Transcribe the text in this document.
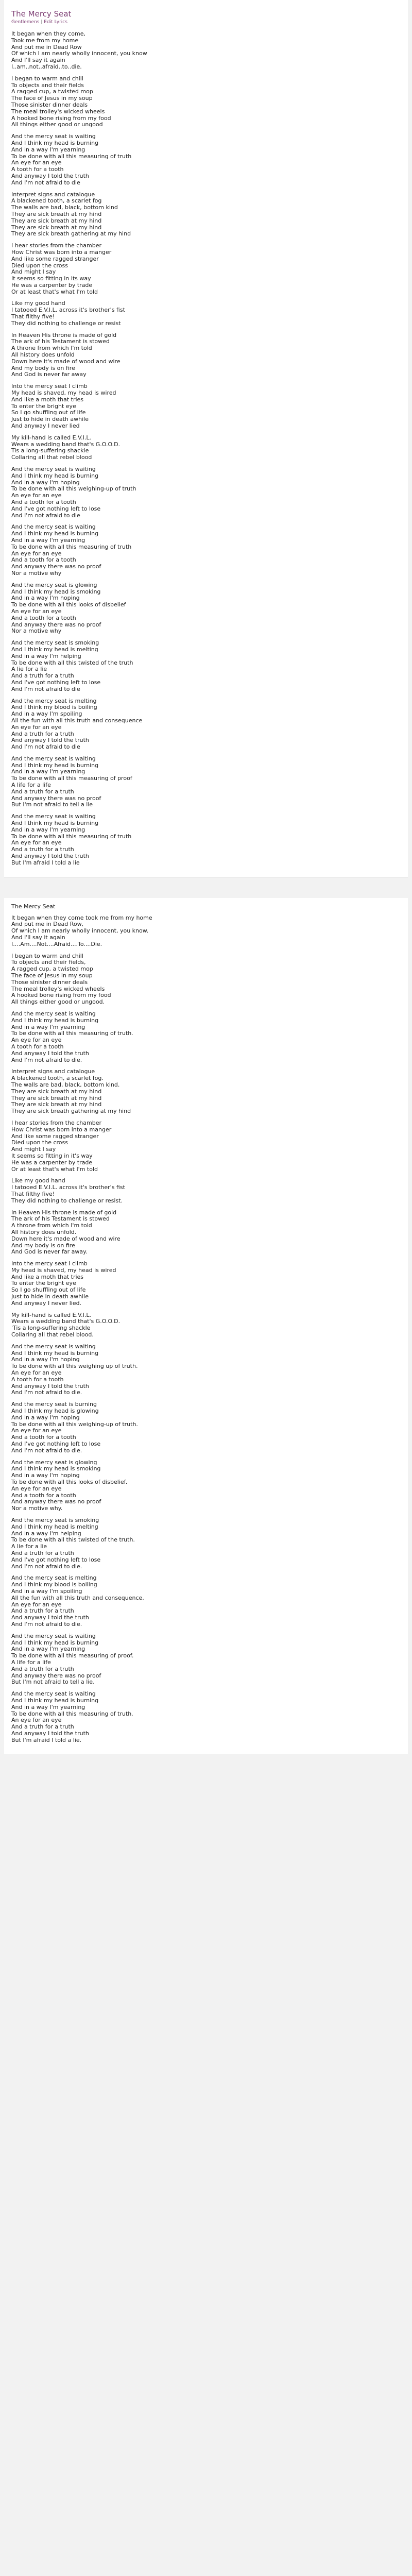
The Mercy Seat
Gentlemens | Edit Lyrics
It began when they come,
Took me from my home
And put me in Dead Row
Of which I am nearly wholly innocent, you know
And I'll say it again
I..am..not..afraid..to..die.
I began to warm and chill
To objects and their fields
A ragged cup, a twisted mop
The face of Jesus in my soup
Those sinister dinner deals
The meal trolley's wicked wheels
A hooked bone rising from my food
All things either good or ungood
And the mercy seat is waiting
And I think my head is burning
And in a way I'm yearning
To be done with all this measuring of truth
An eye for an eye
A tooth for a tooth
And anyway I told the truth
And I'm not afraid to die
Interpret signs and catalogue
A blackened tooth, a scarlet fog
The walls are bad, black, bottom kind
They are sick breath at my hind
They are sick breath at my hind
They are sick breath at my hind
They are sick breath gathering at my hind
I hear stories from the chamber
How Christ was born into a manger
And like some ragged stranger
Died upon the cross
And might I say
It seems so fitting in its way
He was a carpenter by trade
Or at least that's what I'm told
Like my good hand
I tatooed E.V.I.L. across it's brother's fist
That filthy five!
They did nothing to challenge or resist
In Heaven His throne is made of gold
The ark of his Testament is stowed
A throne from which I'm told
All history does unfold
Down here it's made of wood and wire
And my body is on fire
And God is never far away
Into the mercy seat I climb
My head is shaved, my head is wired
And like a moth that tries
To enter the bright eye
So I go shuffling out of life
Just to hide in death awhile
And anyway I never lied
My kill-hand is called E.V.I.L.
Wears a wedding band that's G.O.O.D.
Tis a long-suffering shackle
Collaring all that rebel blood
And the mercy seat is waiting
And I think my head is burning
And in a way I'm hoping
To be done with all this weighing-up of truth
An eye for an eye
And a tooth for a tooth
And I've got nothing left to lose
And I'm not afraid to die
And the mercy seat is waiting
And I think my head is burning
And in a way I'm yearning
To be done with all this measuring of truth
An eye for an eye
And a tooth for a tooth
And anyway there was no proof
Nor a motive why
And the mercy seat is glowing
And I think my head is smoking
And in a way I'm hoping
To be done with all this looks of disbelief
An eye for an eye
And a tooth for a tooth
And anyway there was no proof
Nor a motive why
And the mercy seat is smoking
And I think my head is melting
And in a way I'm helping
To be done with all this twisted of the truth
A lie for a lie
And a truth for a truth
And I've got nothing left to lose
And I'm not afraid to die
And the mercy seat is melting
And I think my blood is boiling
And in a way I'm spoiling
All the fun with all this truth and consequence
An eye for an eye
And a truth for a truth
And anyway I told the truth
And I'm not afraid to die
And the mercy seat is waiting
And I think my head is burning
And in a way I'm yearning
To be done with all this measuring of proof
A life for a life
And a truth for a truth
And anyway there was no proof
But I'm not afraid to tell a lie
And the mercy seat is waiting
And I think my head is burning
And in a way I'm yearning
To be done with all this measuring of truth
An eye for an eye
And a truth for a truth
And anyway I told the truth
But I'm afraid I told a lie
The Mercy Seat
It began when they come took me from my home
And put me in Dead Row,
Of which I am nearly wholly innocent, you know.
And I'll say it again
I....Am....Not....Afraid....To....Die.
I began to warm and chill
To objects and their fields,
A ragged cup, a twisted mop
The face of Jesus in my soup
Those sinister dinner deals
The meal trolley's wicked wheels
A hooked bone rising from my food
All things either good or ungood.
And the mercy seat is waiting
And I think my head is burning
And in a way I'm yearning
To be done with all this measuring of truth.
An eye for an eye
A tooth for a tooth
And anyway I told the truth
And I'm not afraid to die.
Interpret signs and catalogue
A blackened tooth, a scarlet fog.
The walls are bad, black, bottom kind.
They are sick breath at my hind
They are sick breath at my hind
They are sick breath at my hind
They are sick breath gathering at my hind
I hear stories from the chamber
How Christ was born into a manger
And like some ragged stranger
Died upon the cross
And might I say
It seems so fitting in it's way
He was a carpenter by trade
Or at least that's what I'm told
Like my good hand
I tatooed E.V.I.L. across it's brother's fist
That filthy five!
They did nothing to challenge or resist.
In Heaven His throne is made of gold
The ark of his Testament is stowed
A throne from which I'm told
All history does unfold.
Down here it's made of wood and wire
And my body is on fire
And God is never far away.
Into the mercy seat I climb
My head is shaved, my head is wired
And like a moth that tries
To enter the bright eye
So I go shuffling out of life
Just to hide in death awhile
And anyway I never lied.
My kill-hand is called E.V.I.L.
Wears a wedding band that's G.O.O.D.
'Tis a long-suffering shackle
Collaring all that rebel blood.
And the mercy seat is waiting
And I think my head is burning
And in a way I'm hoping
To be done with all this weighing up of truth.
An eye for an eye
A tooth for a tooth
And anyway I told the truth
And I'm not afraid to die.
And the mercy seat is burning
And I think my head is glowing
And in a way I'm hoping
To be done with all this weighing-up of truth.
An eye for an eye
And a tooth for a tooth
And I've got nothing left to lose
And I'm not afraid to die.
And the mercy seat is glowing
And I think my head is smoking
And in a way I'm hoping
To be done with all this looks of disbelief.
An eye for an eye
And a tooth for a tooth
And anyway there was no proof
Nor a motive why.
And the mercy seat is smoking
And I think my head is melting
And in a way I'm helping
To be done with all this twisted of the truth.
A lie for a lie
And a truth for a truth
And I've got nothing left to lose
And I'm not afraid to die.
And the mercy seat is melting
And I think my blood is boiling
And in a way I'm spoiling
All the fun with all this truth and consequence.
An eye for an eye
And a truth for a truth
And anyway I told the truth
And I'm not afraid to die.
And the mercy seat is waiting
And I think my head is burning
And in a way I'm yearning
To be done with all this measuring of proof.
A life for a life
And a truth for a truth
And anyway there was no proof
But I'm not afraid to tell a lie.
And the mercy seat is waiting
And I think my head is burning
And in a way I'm yearning
To be done with all this measuring of truth.
An eye for an eye
And a truth for a truth
And anyway I told the truth
But I'm afraid I told a lie.
